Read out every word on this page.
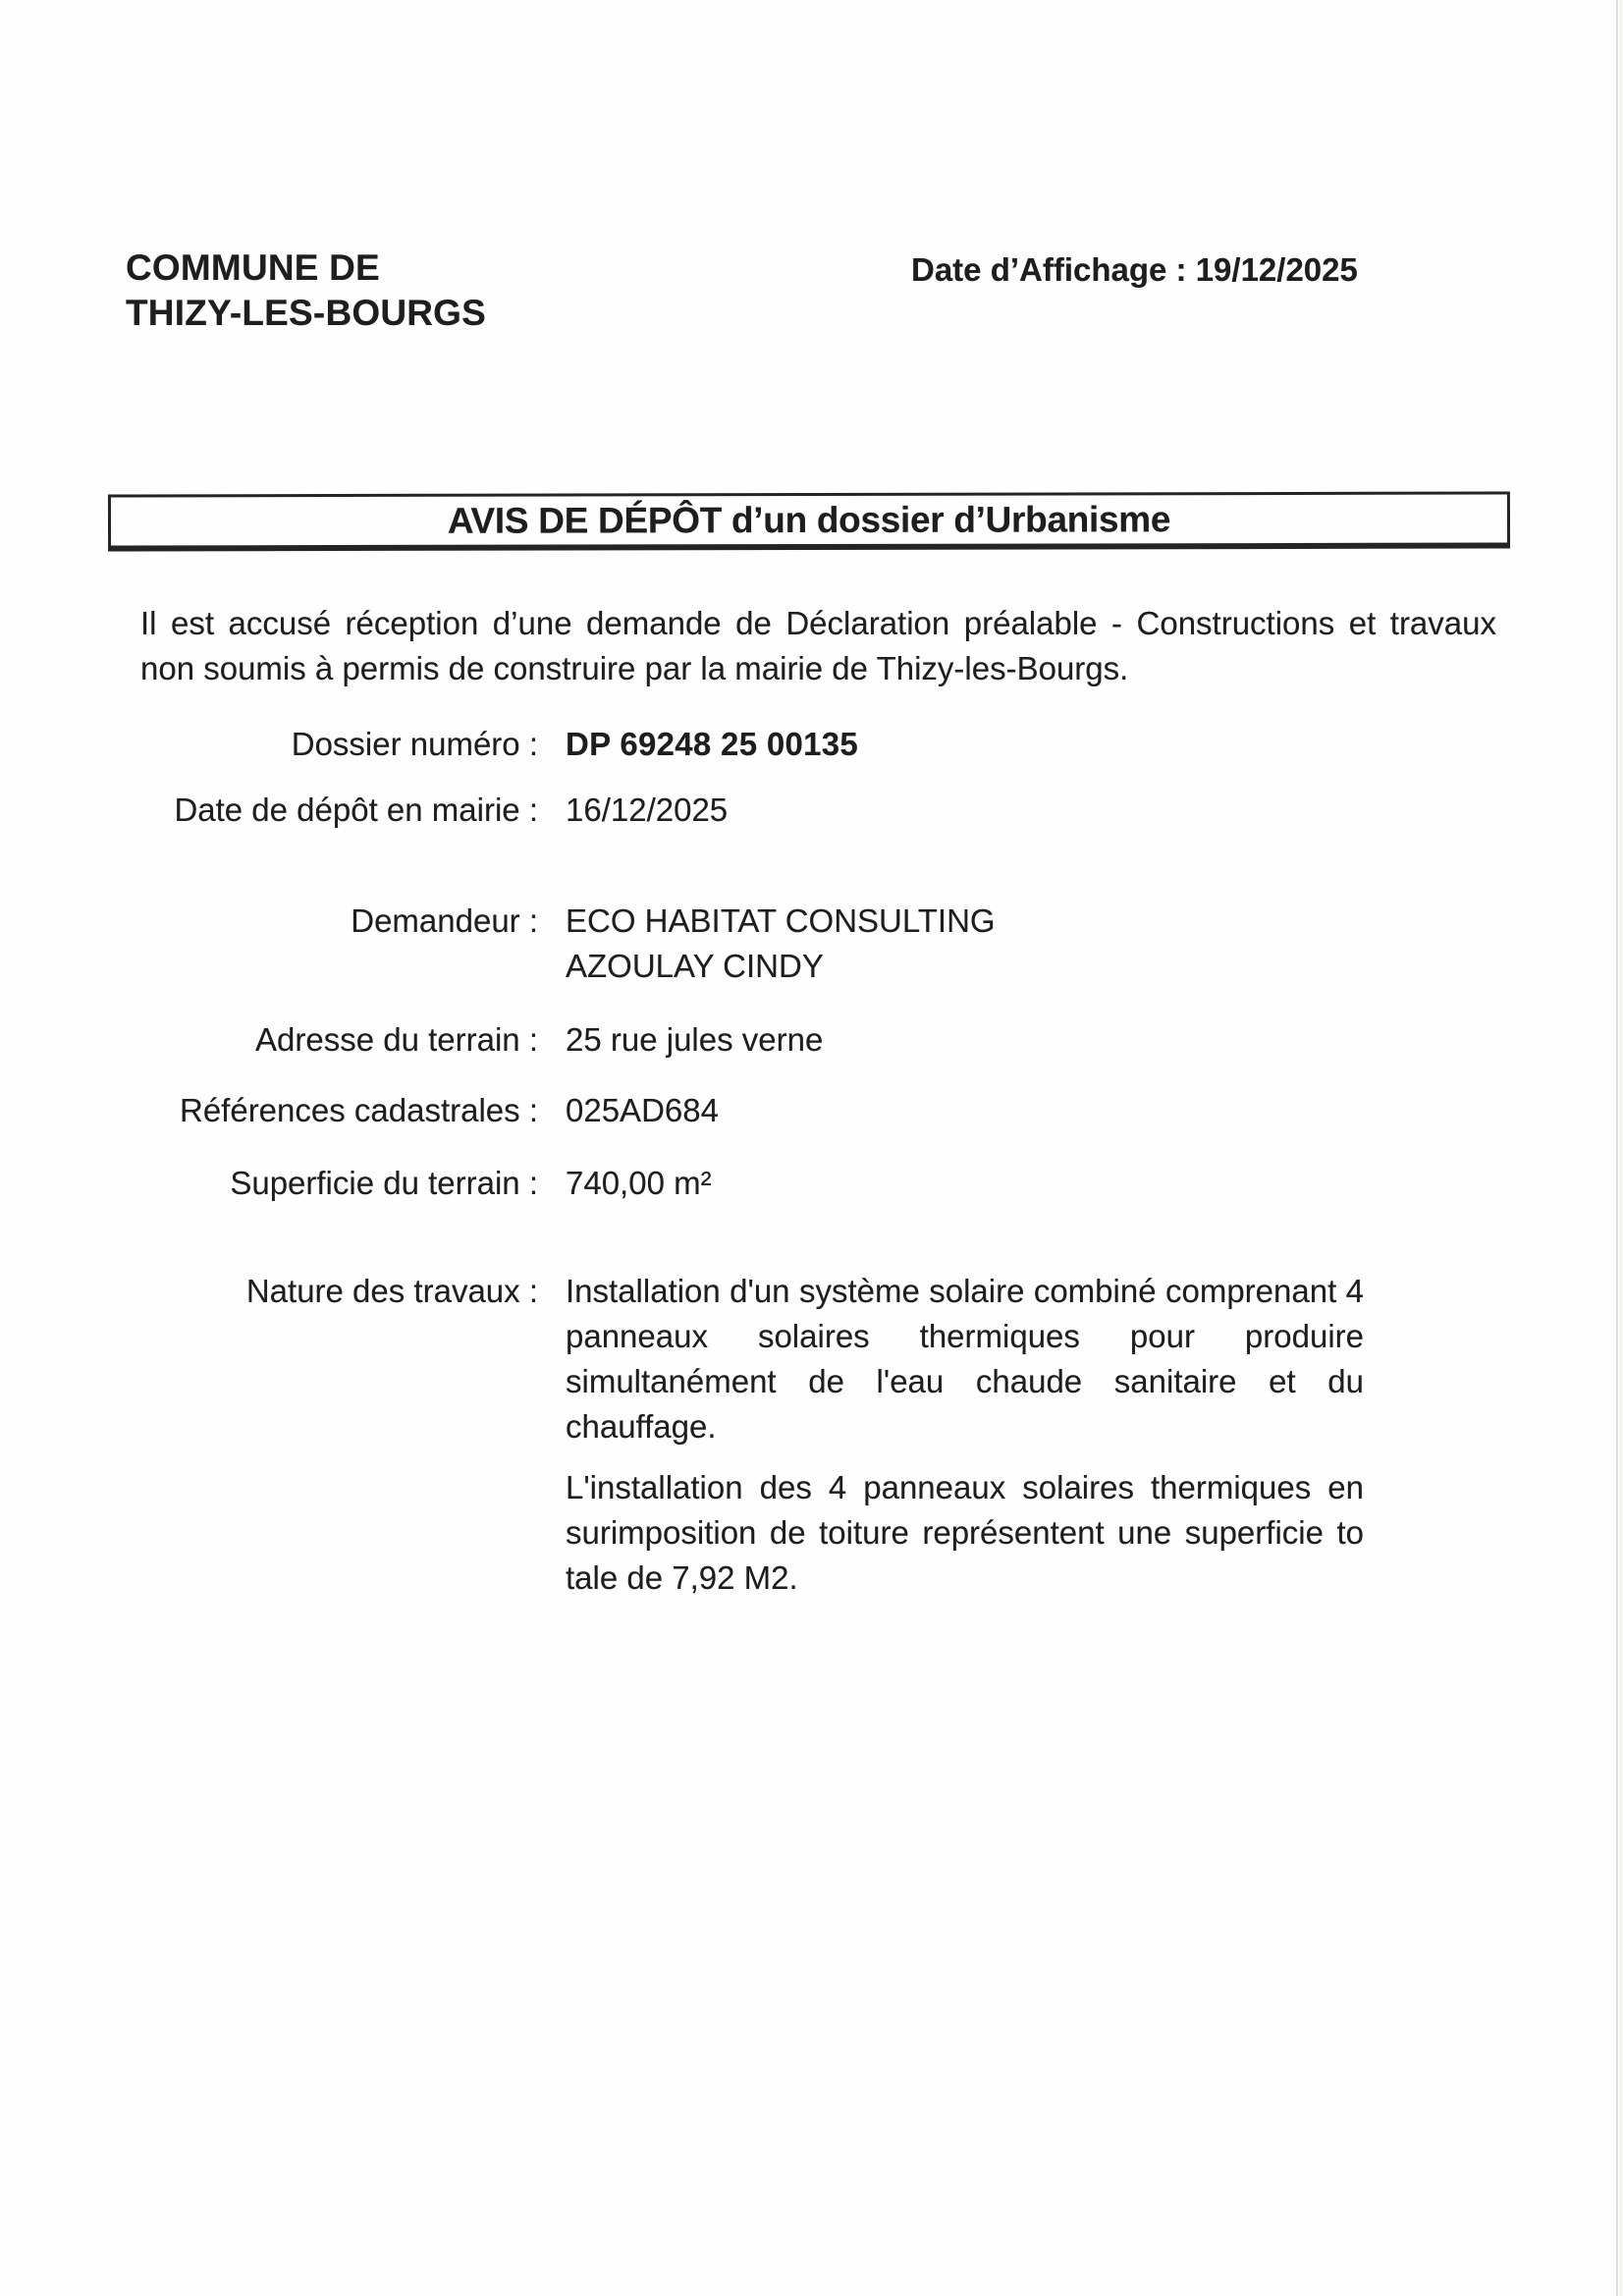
COMMUNE DE
THIZY-LES-BOURGS
Date d’Affichage : 19/12/2025
AVIS DE DÉPÔT d’un dossier d’Urbanisme
Il est accusé réception d’une demande de Déclaration préalable - Constructions et travaux
non soumis à permis de construire par la mairie de Thizy-les-Bourgs.
Dossier numéro : DP 69248 25 00135
Date de dépôt en mairie : 16/12/2025
Demandeur : ECO HABITAT CONSULTING
AZOULAY CINDY
Adresse du terrain : 25 rue jules verne
Références cadastrales : 025AD684
Superficie du terrain : 740,00 m²
Nature des travaux : Installation d'un système solaire combiné comprenant 4
panneaux solaires thermiques pour produire
simultanément de l'eau chaude sanitaire et du
chauffage.
L'installation des 4 panneaux solaires thermiques en
surimposition de toiture représentent une superficie to
tale de 7,92 M2.
